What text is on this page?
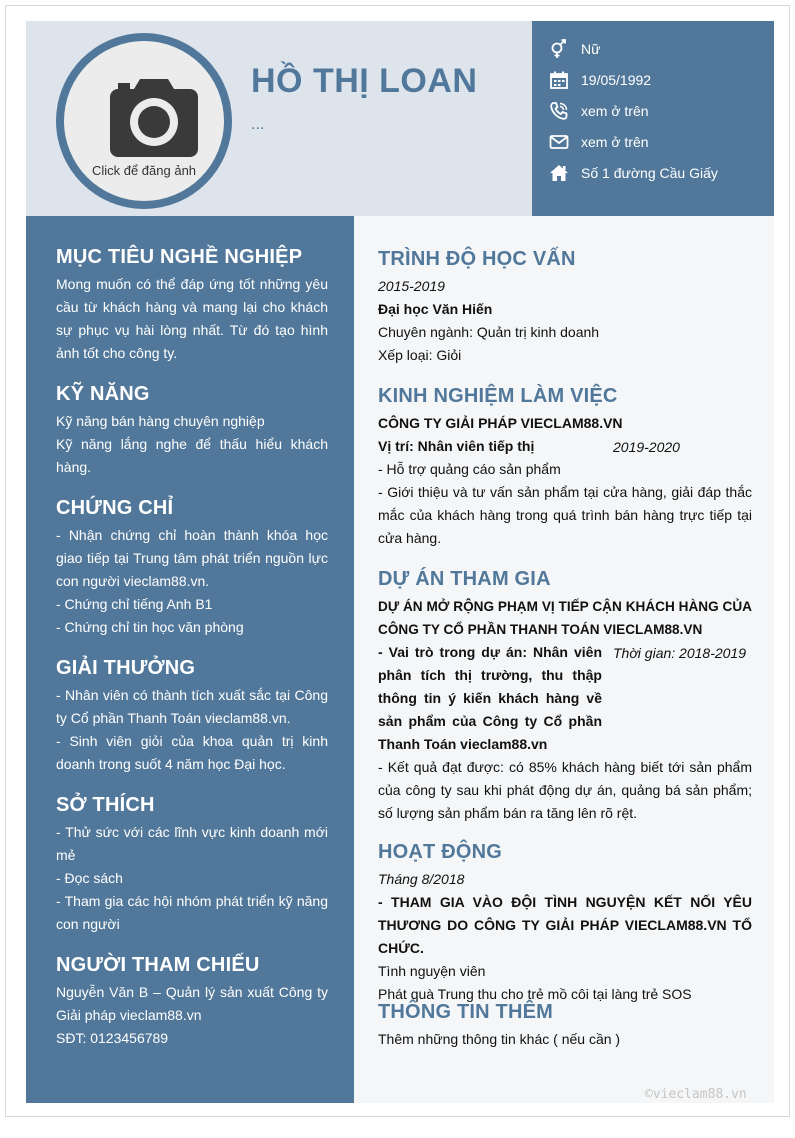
Click để đăng ảnh
HỒ THỊ LOAN
...
Nữ
19/05/1992
xem ở trên
xem ở trên
Số 1 đường Cầu Giấy
MỤC TIÊU NGHỀ NGHIỆP

Mong muốn có thể đáp ứng tốt những yêu cầu từ khách hàng và mang lại cho khách sự phục vụ hài lòng nhất. Từ đó tạo hình ảnh tốt cho công ty.

KỸ NĂNG

Kỹ năng bán hàng chuyên nghiệp

Kỹ năng lắng nghe để thấu hiểu khách hàng.

CHỨNG CHỈ

- Nhận chứng chỉ hoàn thành khóa học giao tiếp tại Trung tâm phát triển nguồn lực con người vieclam88.vn.

- Chứng chỉ tiếng Anh B1

- Chứng chỉ tin học văn phòng

GIẢI THƯỞNG

- Nhân viên có thành tích xuất sắc tại Công ty Cổ phần Thanh Toán vieclam88.vn.

- Sinh viên giỏi của khoa quản trị kinh doanh trong suốt 4 năm học Đại học.

SỞ THÍCH

- Thử sức với các lĩnh vực kinh doanh mới mẻ

- Đọc sách

- Tham gia các hội nhóm phát triển kỹ năng con người

NGƯỜI THAM CHIẾU

Nguyễn Văn B – Quản lý sản xuất Công ty Giải pháp vieclam88.vn

SĐT: 0123456789

TRÌNH ĐỘ HỌC VẤN

2015-2019

Đại học Văn Hiến

Chuyên ngành: Quản trị kinh doanh

Xếp loại: Giỏi

KINH NGHIỆM LÀM VIỆC

CÔNG TY GIẢI PHÁP VIECLAM88.VN

Vị trí: Nhân viên tiếp thị	2019-2020

- Hỗ trợ quảng cáo sản phẩm

- Giới thiệu và tư vấn sản phẩm tại cửa hàng, giải đáp thắc mắc của khách hàng trong quá trình bán hàng trực tiếp tại cửa hàng.

DỰ ÁN THAM GIA

DỰ ÁN MỞ RỘNG PHẠM VỊ TIẾP CẬN KHÁCH HÀNG CỦA CÔNG TY CỔ PHẦN THANH TOÁN VIECLAM88.VN

- Vai trò trong dự án: Nhân viên phân tích thị trường, thu thập thông tin ý kiến khách hàng về sản phẩm của Công ty Cổ phần Thanh Toán vieclam88.vn

Thời gian: 2018-2019

- Kết quả đạt được: có 85% khách hàng biết tới sản phẩm của công ty sau khi phát động dự án, quảng bá sản phẩm; số lượng sản phẩm bán ra tăng lên rõ rệt.

HOẠT ĐỘNG

Tháng 8/2018

- THAM GIA VÀO ĐỘI TÌNH NGUYỆN KẾT NỐI YÊU THƯƠNG DO CÔNG TY GIẢI PHÁP VIECLAM88.VN TỔ CHỨC.

Tình nguyện viên

Phát quà Trung thu cho trẻ mồ côi tại làng trẻ SOS

THÔNG TIN THÊM

Thêm những thông tin khác ( nếu cần )

©vieclam88.vn
